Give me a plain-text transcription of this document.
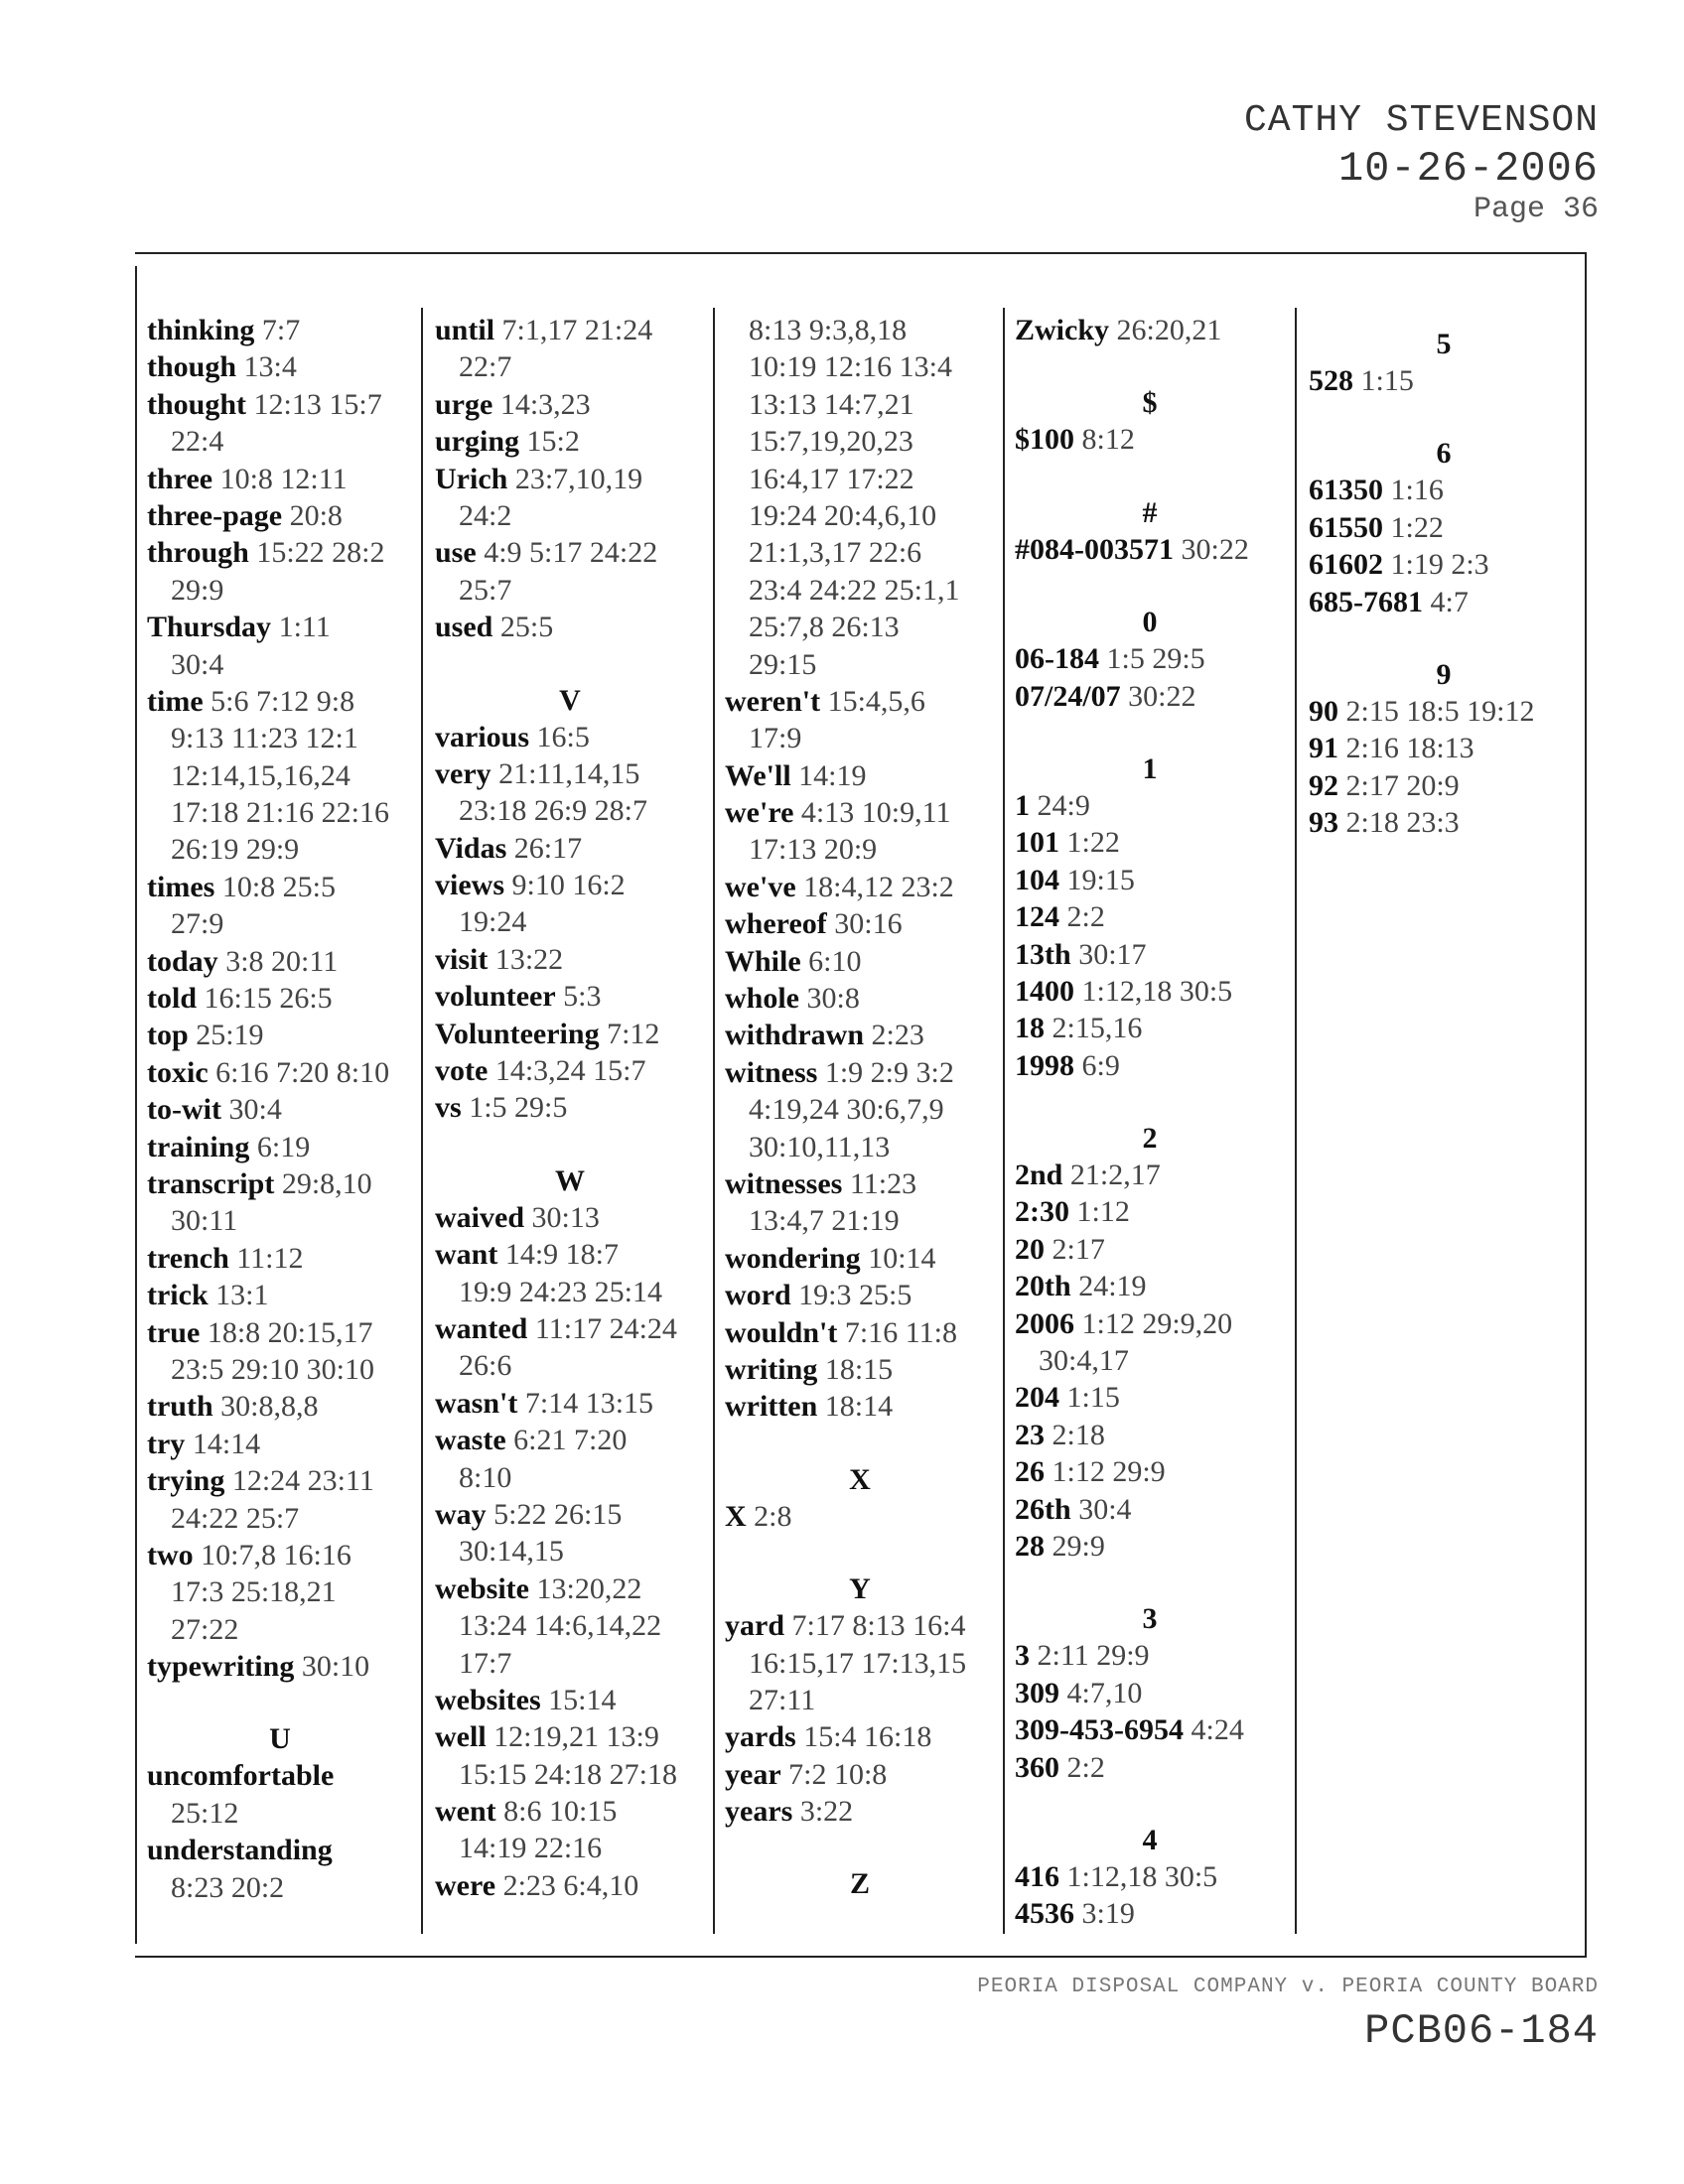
CATHY STEVENSON
10-26-2006
Page 36
thinking 7:7
though 13:4
thought 12:13 15:7
22:4
three 10:8 12:11
three-page 20:8
through 15:22 28:2
29:9
Thursday 1:11
30:4
time 5:6 7:12 9:8
9:13 11:23 12:1
12:14,15,16,24
17:18 21:16 22:16
26:19 29:9
times 10:8 25:5
27:9
today 3:8 20:11
told 16:15 26:5
top 25:19
toxic 6:16 7:20 8:10
to-wit 30:4
training 6:19
transcript 29:8,10
30:11
trench 11:12
trick 13:1
true 18:8 20:15,17
23:5 29:10 30:10
truth 30:8,8,8
try 14:14
trying 12:24 23:11
24:22 25:7
two 10:7,8 16:16
17:3 25:18,21
27:22
typewriting 30:10
U
uncomfortable
25:12
understanding
8:23 20:2
until 7:1,17 21:24
22:7
urge 14:3,23
urging 15:2
Urich 23:7,10,19
24:2
use 4:9 5:17 24:22
25:7
used 25:5
V
various 16:5
very 21:11,14,15
23:18 26:9 28:7
Vidas 26:17
views 9:10 16:2
19:24
visit 13:22
volunteer 5:3
Volunteering 7:12
vote 14:3,24 15:7
vs 1:5 29:5
W
waived 30:13
want 14:9 18:7
19:9 24:23 25:14
wanted 11:17 24:24
26:6
wasn't 7:14 13:15
waste 6:21 7:20
8:10
way 5:22 26:15
30:14,15
website 13:20,22
13:24 14:6,14,22
17:7
websites 15:14
well 12:19,21 13:9
15:15 24:18 27:18
went 8:6 10:15
14:19 22:16
were 2:23 6:4,10
8:13 9:3,8,18
10:19 12:16 13:4
13:13 14:7,21
15:7,19,20,23
16:4,17 17:22
19:24 20:4,6,10
21:1,3,17 22:6
23:4 24:22 25:1,1
25:7,8 26:13
29:15
weren't 15:4,5,6
17:9
We'll 14:19
we're 4:13 10:9,11
17:13 20:9
we've 18:4,12 23:2
whereof 30:16
While 6:10
whole 30:8
withdrawn 2:23
witness 1:9 2:9 3:2
4:19,24 30:6,7,9
30:10,11,13
witnesses 11:23
13:4,7 21:19
wondering 10:14
word 19:3 25:5
wouldn't 7:16 11:8
writing 18:15
written 18:14
X
X 2:8
Y
yard 7:17 8:13 16:4
16:15,17 17:13,15
27:11
yards 15:4 16:18
year 7:2 10:8
years 3:22
Z
Zwicky 26:20,21
$
$100 8:12
#
#084-003571 30:22
0
06-184 1:5 29:5
07/24/07 30:22
1
1 24:9
101 1:22
104 19:15
124 2:2
13th 30:17
1400 1:12,18 30:5
18 2:15,16
1998 6:9
2
2nd 21:2,17
2:30 1:12
20 2:17
20th 24:19
2006 1:12 29:9,20
30:4,17
204 1:15
23 2:18
26 1:12 29:9
26th 30:4
28 29:9
3
3 2:11 29:9
309 4:7,10
309-453-6954 4:24
360 2:2
4
416 1:12,18 30:5
4536 3:19
5
528 1:15
6
61350 1:16
61550 1:22
61602 1:19 2:3
685-7681 4:7
9
90 2:15 18:5 19:12
91 2:16 18:13
92 2:17 20:9
93 2:18 23:3
PEORIA DISPOSAL COMPANY v. PEORIA COUNTY BOARD
PCB06-184
